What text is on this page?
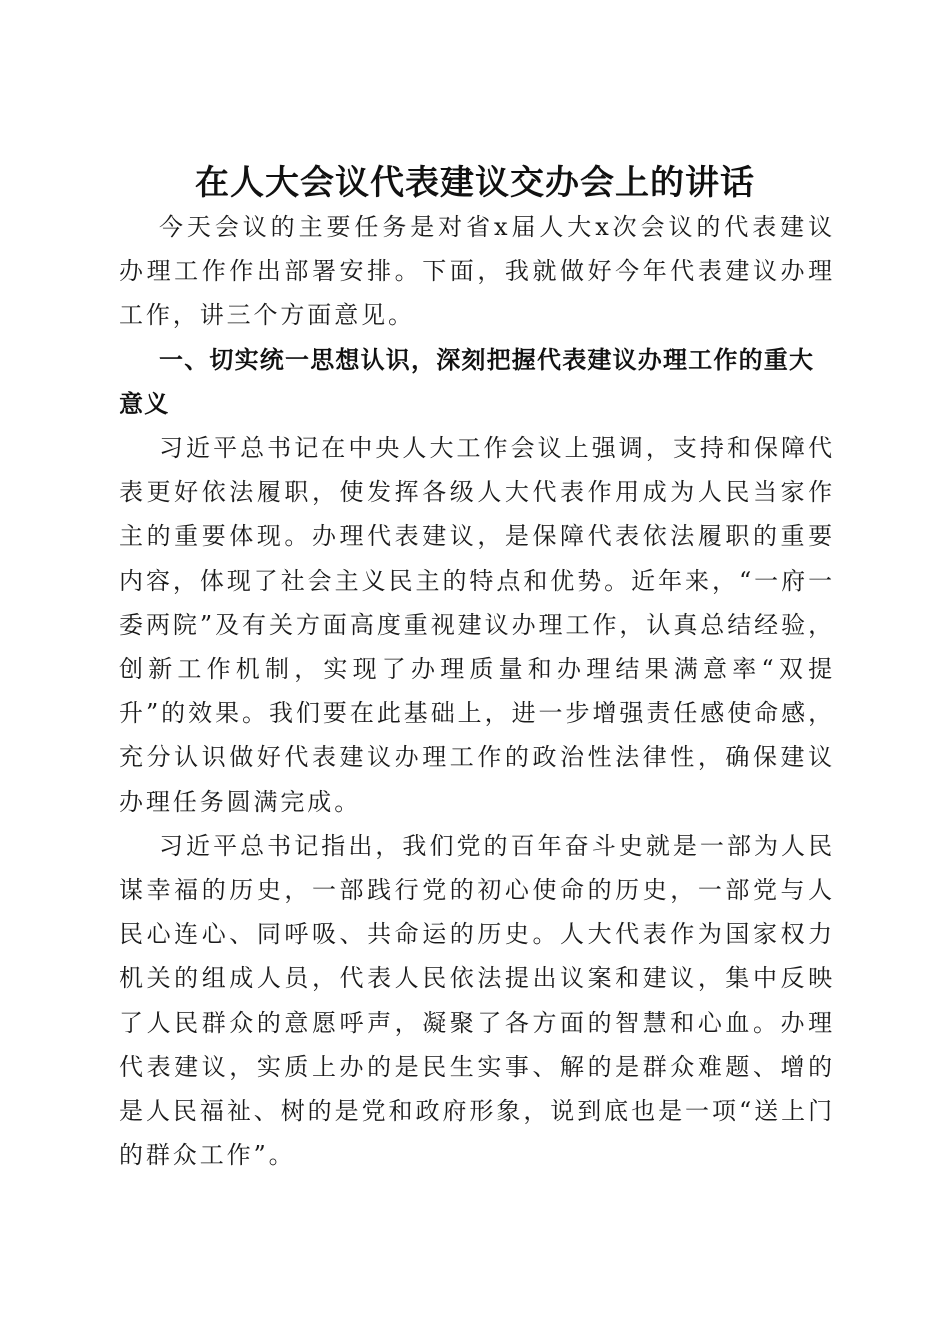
在人大会议代表建议交办会上的讲话

今天会议的主要任务是对省x届人大x次会议的代表建议办理工作作出部署安排。下面，我就做好今年代表建议办理工作，讲三个方面意见。

一、切实统一思想认识，深刻把握代表建议办理工作的重大意义

习近平总书记在中央人大工作会议上强调，支持和保障代表更好依法履职，使发挥各级人大代表作用成为人民当家作主的重要体现。办理代表建议，是保障代表依法履职的重要内容，体现了社会主义民主的特点和优势。近年来，“一府一委两院”及有关方面高度重视建议办理工作，认真总结经验，创新工作机制，实现了办理质量和办理结果满意率“双提升”的效果。我们要在此基础上，进一步增强责任感使命感，充分认识做好代表建议办理工作的政治性法律性，确保建议办理任务圆满完成。

习近平总书记指出，我们党的百年奋斗史就是一部为人民谋幸福的历史，一部践行党的初心使命的历史，一部党与人民心连心、同呼吸、共命运的历史。人大代表作为国家权力机关的组成人员，代表人民依法提出议案和建议，集中反映了人民群众的意愿呼声，凝聚了各方面的智慧和心血。办理代表建议，实质上办的是民生实事、解的是群众难题、增的是人民福祉、树的是党和政府形象，说到底也是一项“送上门的群众工作”。
